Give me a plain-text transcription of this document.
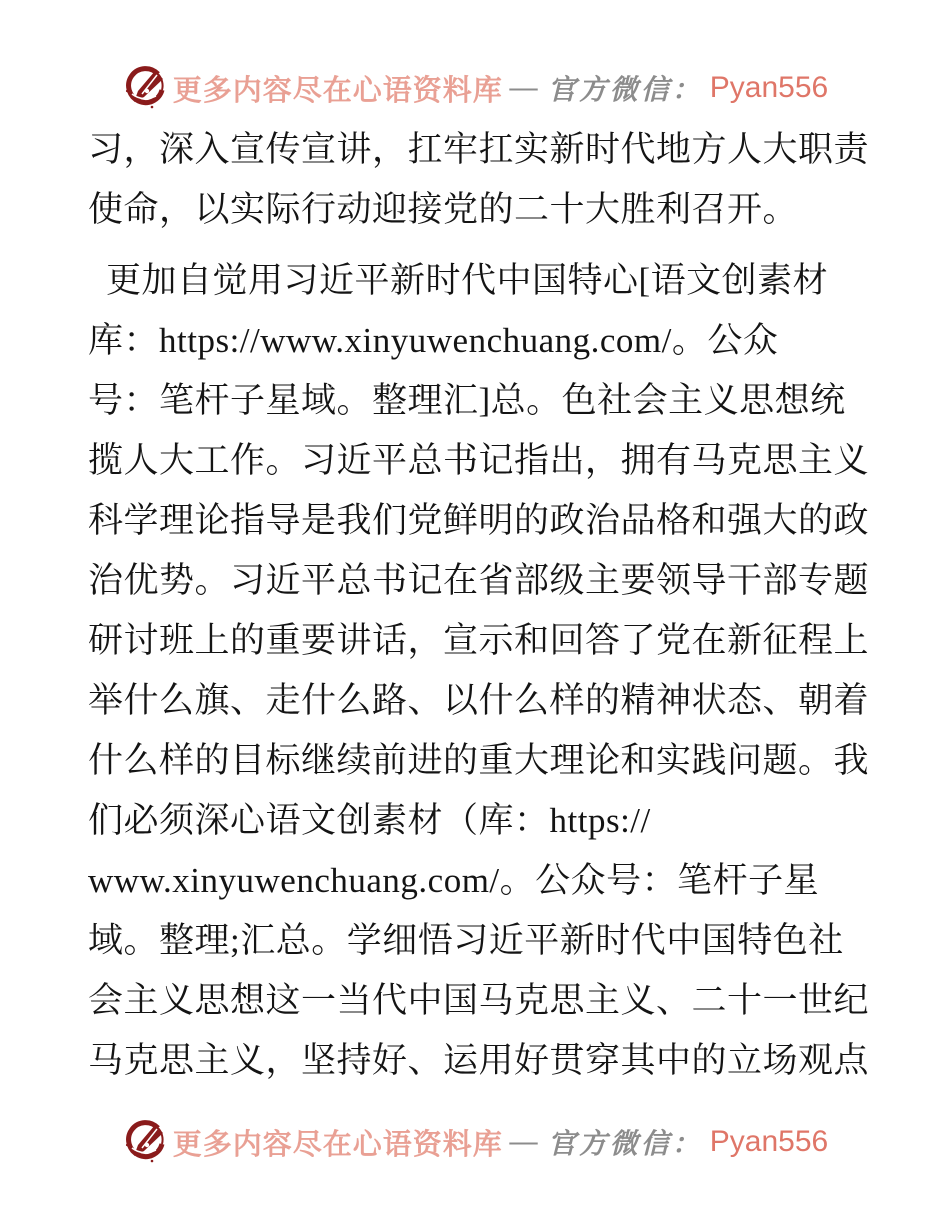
更多内容尽在心语资料库 — 官方微信： Pyan556
习，深入宣传宣讲，扛牢扛实新时代地方人大职责
使命，以实际行动迎接党的二十大胜利召开。
更加自觉用习近平新时代中国特心[语文创素材
库：https://www.xinyuwenchuang.com/。公众
号：笔杆子星域。整理汇]总。色社会主义思想统
揽人大工作。习近平总书记指出，拥有马克思主义
科学理论指导是我们党鲜明的政治品格和强大的政
治优势。习近平总书记在省部级主要领导干部专题
研讨班上的重要讲话，宣示和回答了党在新征程上
举什么旗、走什么路、以什么样的精神状态、朝着
什么样的目标继续前进的重大理论和实践问题。我
们必须深心语文创素材（库：https://
www.xinyuwenchuang.com/。公众号：笔杆子星
域。整理;汇总。学细悟习近平新时代中国特色社
会主义思想这一当代中国马克思主义、二十一世纪
马克思主义，坚持好、运用好贯穿其中的立场观点
更多内容尽在心语资料库 — 官方微信： Pyan556
